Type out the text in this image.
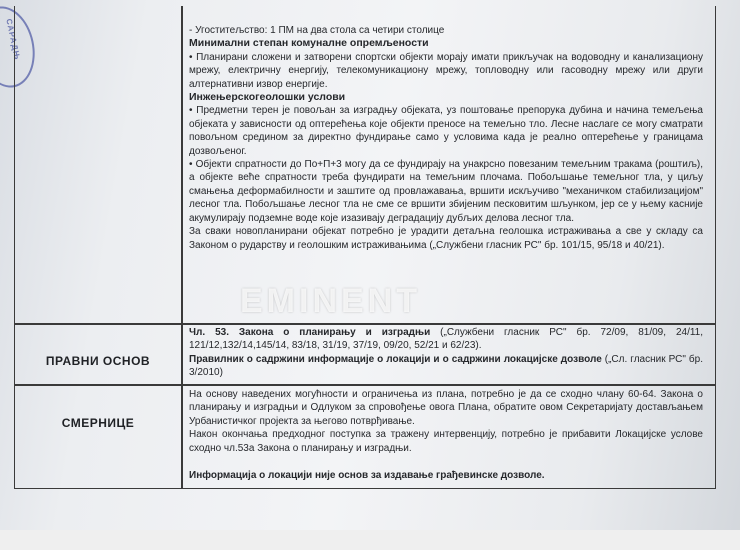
САРАДЊ
ПРАВНИ ОСНОВ
СМЕРНИЦЕ

- Угоститељство: 1 ПМ на два стола са четири столице

Минимални степан комуналне опремљености

• Планирани сложени и затворени спортски објекти морају имати прикључак на водоводну и канализациону мрежу, електричну енергију, телекомуникациону мрежу, топловодну или гасоводну мрежу или други алтернативни извор енергије.

Инжењерскогеолошки услови

• Предметни терен је повољан за изградњу објеката, уз поштовање препорука дубина и начина темељења објеката у зависности од оптерећења које објекти преносе на темељно тло. Лесне наслаге се могу сматрати повољном срединoм за директно фундирање само у условима када је реално оптерећење у границама дозвољеног.

• Објекти спратности до По+П+3 могу да се фундирају на унакрсно повезаним темељним тракама (роштиљ), а објекте веће спратности треба фундирати на темељним плочама. Побољшање темељног тла, у циљу смањења деформабилности и заштите од провлажавања, вршити искључиво "механичком стабилизацијом" лесног тла. Побољшање лесног тла не сме се вршити збијеним песковитим шљунком, јер се у њему касније акумулирају подземне воде које изазивају деградацију дубљих делова лесног тла.

За сваки новопланирани објекат потребно је урадити детаљна геолошка истраживања а све у складу са Законом о рударству и геолошким истраживањима („Службени гласник РС" бр. 101/15, 95/18 и 40/21).

Чл. 53. Закона о планирању и изградњи („Службени гласник РС" бр. 72/09, 81/09, 24/11, 121/12,132/14,145/14, 83/18, 31/19, 37/19, 09/20, 52/21 и 62/23).

Правилник о садржини информације о локацији и о садржини локацијске дозволе („Сл. гласник РС" бр. 3/2010)

На основу наведених могућности и ограничења из плана, потребно је да се сходно члану 60-64. Закона о планирању и изградњи и Одлуком за спровођење овога Плана, обратите овом Секретаријату достављањем Урбанистичког пројекта за његово потврђивање.

Након окончања предходног поступка за тражену интервенцију, потребно је прибавити Локацијске услове сходно чл.53а Закона о планирању и изградњи.

Информација о локацији није основ за издавање грађевинске дозволе.

EMINENT
